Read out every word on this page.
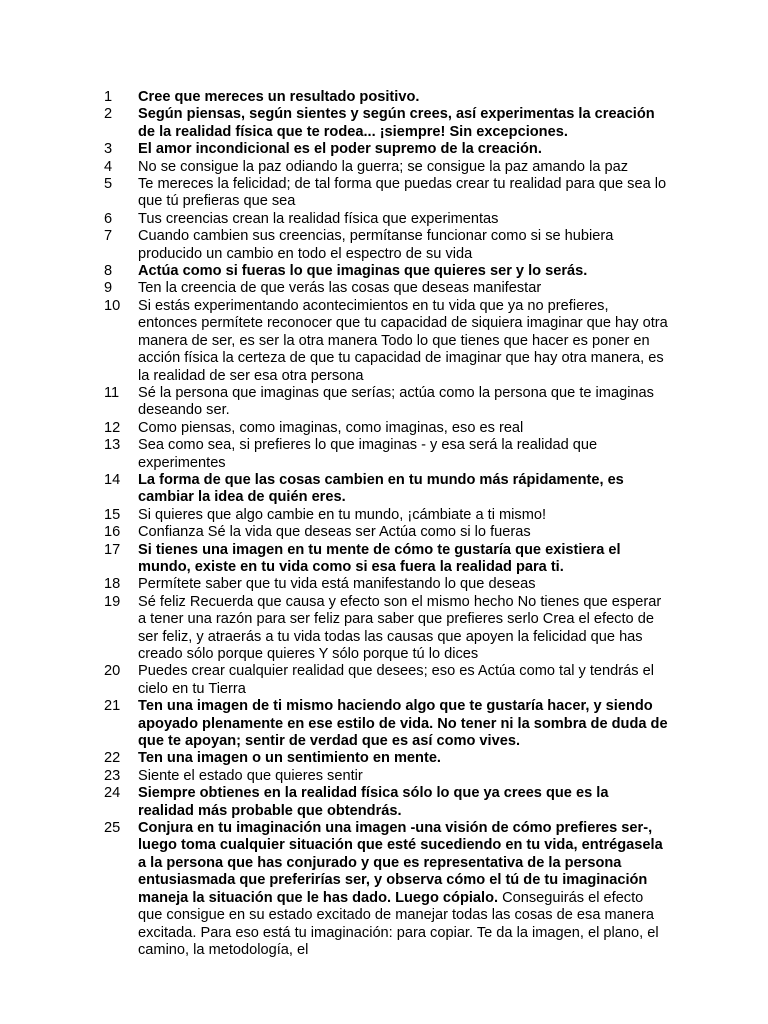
1	Cree que mereces un resultado positivo.
2	Según piensas, según sientes y según crees, así experimentas la creación de la realidad física que te rodea... ¡siempre! Sin excepciones.
3	El amor incondicional es el poder supremo de la creación.
4	No se consigue la paz odiando la guerra; se consigue la paz amando la paz
5	Te mereces la felicidad; de tal forma que puedas crear tu realidad para que sea lo que tú prefieras que sea
6	Tus creencias crean la realidad física que experimentas
7	Cuando cambien sus creencias, permítanse funcionar como si se hubiera producido un cambio en todo el espectro de su vida
8	Actúa como si fueras lo que imaginas que quieres ser y lo serás.
9	Ten la creencia de que verás las cosas que deseas manifestar
10	Si estás experimentando acontecimientos en tu vida que ya no prefieres, entonces permítete reconocer que tu capacidad de siquiera imaginar que hay otra manera de ser, es ser la otra manera Todo lo que tienes que hacer es poner en acción física la certeza de que tu capacidad de imaginar que hay otra manera, es la realidad de ser esa otra persona
11	Sé la persona que imaginas que serías; actúa como la persona que te imaginas deseando ser.
12	Como piensas, como imaginas, como imaginas, eso es real
13	Sea como sea, si prefieres lo que imaginas - y esa será la realidad que experimentes
14	La forma de que las cosas cambien en tu mundo más rápidamente, es cambiar la idea de quién eres.
15	Si quieres que algo cambie en tu mundo, ¡cámbiate a ti mismo!
16	Confianza Sé la vida que deseas ser Actúa como si lo fueras
17	Si tienes una imagen en tu mente de cómo te gustaría que existiera el mundo, existe en tu vida como si esa fuera la realidad para ti.
18	Permítete saber que tu vida está manifestando lo que deseas
19	Sé feliz Recuerda que causa y efecto son el mismo hecho No tienes que esperar a tener una razón para ser feliz para saber que prefieres serlo Crea el efecto de ser feliz, y atraerás a tu vida todas las causas que apoyen la felicidad que has creado sólo porque quieres Y sólo porque tú lo dices
20	Puedes crear cualquier realidad que desees; eso es Actúa como tal y tendrás el cielo en tu Tierra
21	Ten una imagen de ti mismo haciendo algo que te gustaría hacer, y siendo apoyado plenamente en ese estilo de vida. No tener ni la sombra de duda de que te apoyan; sentir de verdad que es así como vives.
22	Ten una imagen o un sentimiento en mente.
23	Siente el estado que quieres sentir
24	Siempre obtienes en la realidad física sólo lo que ya crees que es la realidad más probable que obtendrás.
25	Conjura en tu imaginación una imagen -una visión de cómo prefieres ser-, luego toma cualquier situación que esté sucediendo en tu vida, entrégasela a la persona que has conjurado y que es representativa de la persona entusiasmada que preferirías ser, y observa cómo el tú de tu imaginación maneja la situación que le has dado. Luego cópialo. Conseguirás el efecto que consigue en su estado excitado de manejar todas las cosas de esa manera excitada. Para eso está tu imaginación: para copiar. Te da la imagen, el plano, el camino, la metodología, el
